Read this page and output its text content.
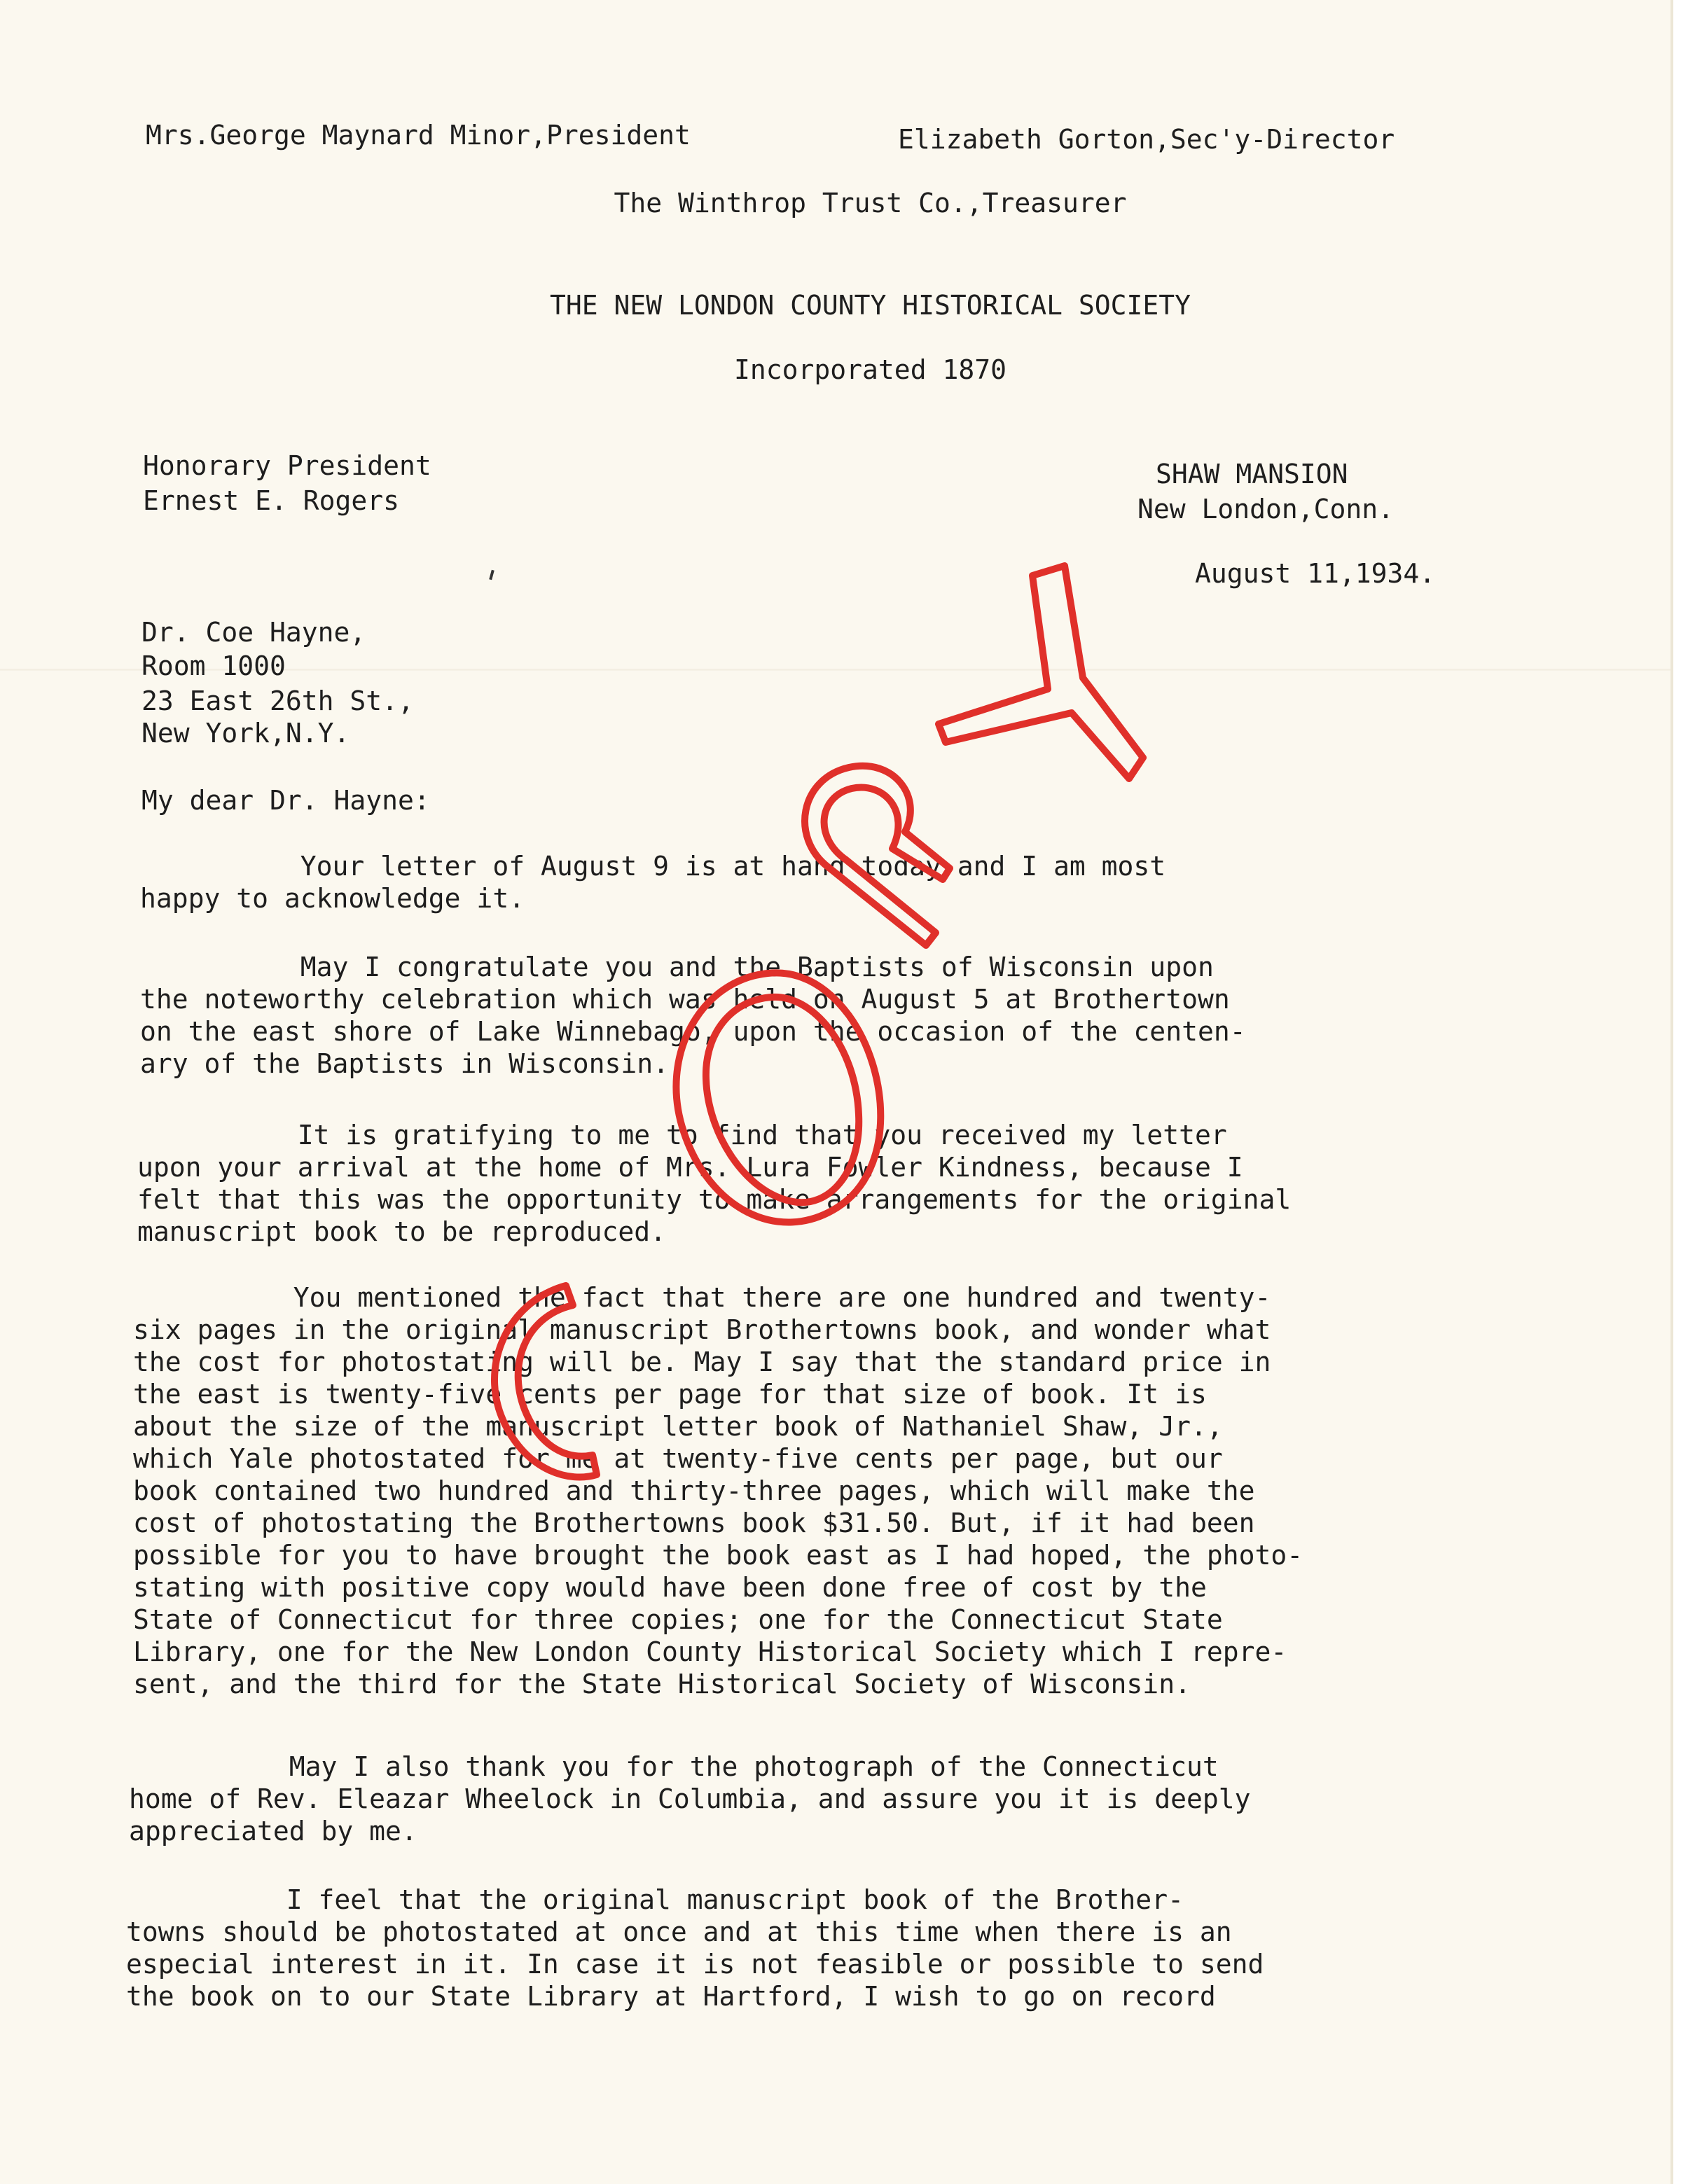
Mrs.George Maynard Minor,President	Elizabeth Gorton,Sec'y-Director
The Winthrop Trust Co.,Treasurer
THE NEW LONDON COUNTY HISTORICAL SOCIETY
Incorporated 1870
Honorary President
Ernest E. Rogers
SHAW MANSION
New London,Conn.
August 11,1934.
Dr. Coe Hayne,
Room 1000
23 East 26th St.,
New York,N.Y.
My dear Dr. Hayne:
Your letter of August 9 is at hand today and I am most
happy to acknowledge it.
May I congratulate you and the Baptists of Wisconsin upon
the noteworthy celebration which was held on August 5 at Brothertown
on the east shore of Lake Winnebago, upon the occasion of the centen-
ary of the Baptists in Wisconsin.
It is gratifying to me to find that you received my letter
upon your arrival at the home of Mrs. Lura Fowler Kindness, because I
felt that this was the opportunity to make arrangements for the original
manuscript book to be reproduced.
You mentioned the fact that there are one hundred and twenty-
six pages in the original manuscript Brothertowns book, and wonder what
the cost for photostating will be. May I say that the standard price in
the east is twenty-five cents per page for that size of book. It is
about the size of the manuscript letter book of Nathaniel Shaw, Jr.,
which Yale photostated for me at twenty-five cents per page, but our
book contained two hundred and thirty-three pages, which will make the
cost of photostating the Brothertowns book $31.50. But, if it had been
possible for you to have brought the book east as I had hoped, the photo-
stating with positive copy would have been done free of cost by the
State of Connecticut for three copies; one for the Connecticut State
Library, one for the New London County Historical Society which I repre-
sent, and the third for the State Historical Society of Wisconsin.
May I also thank you for the photograph of the Connecticut
home of Rev. Eleazar Wheelock in Columbia, and assure you it is deeply
appreciated by me.
I feel that the original manuscript book of the Brother-
towns should be photostated at once and at this time when there is an
especial interest in it. In case it is not feasible or possible to send
the book on to our State Library at Hartford, I wish to go on record
